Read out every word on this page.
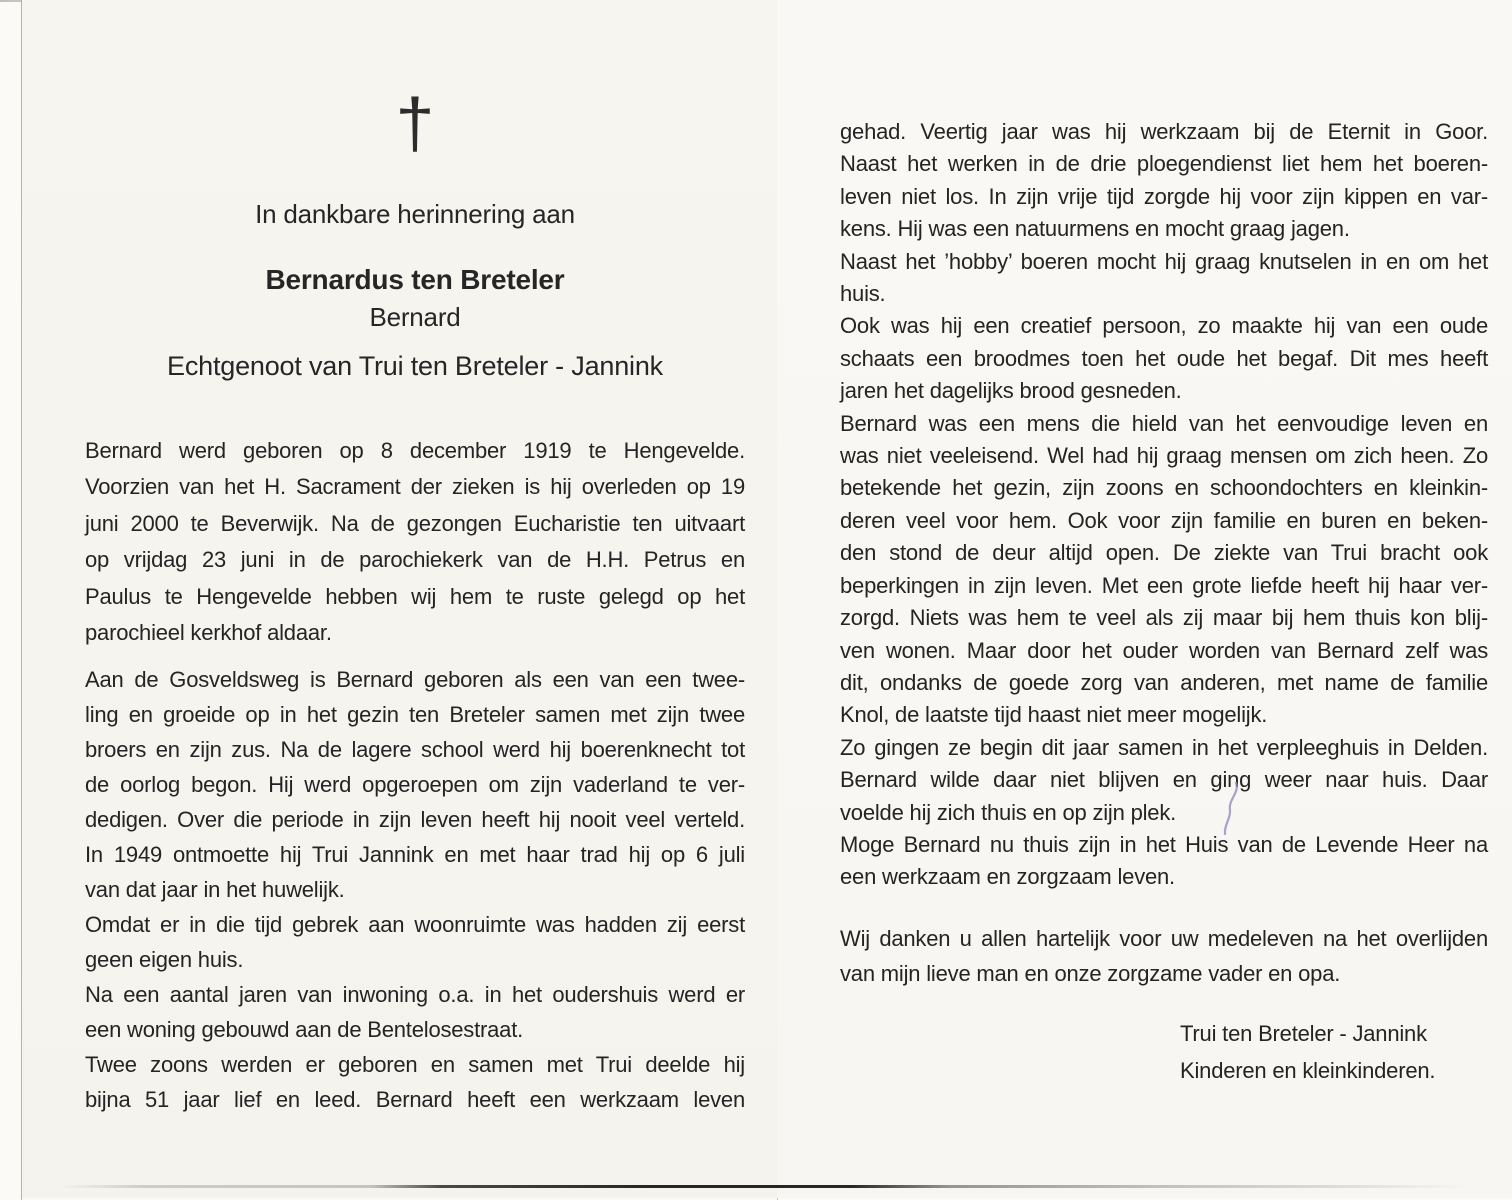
†
In dankbare herinnering aan
Bernardus ten Breteler
Bernard
Echtgenoot van Trui ten Breteler - Jannink
Bernard werd geboren op 8 december 1919 te Hengevelde.
Voorzien van het H. Sacrament der zieken is hij overleden op 19
juni 2000 te Beverwijk. Na de gezongen Eucharistie ten uitvaart
op vrijdag 23 juni in de parochiekerk van de H.H. Petrus en
Paulus te Hengevelde hebben wij hem te ruste gelegd op het
parochieel kerkhof aldaar.
Aan de Gosveldsweg is Bernard geboren als een van een twee-
ling en groeide op in het gezin ten Breteler samen met zijn twee
broers en zijn zus. Na de lagere school werd hij boerenknecht tot
de oorlog begon. Hij werd opgeroepen om zijn vaderland te ver-
dedigen. Over die periode in zijn leven heeft hij nooit veel verteld.
In 1949 ontmoette hij Trui Jannink en met haar trad hij op 6 juli
van dat jaar in het huwelijk.
Omdat er in die tijd gebrek aan woonruimte was hadden zij eerst
geen eigen huis.
Na een aantal jaren van inwoning o.a. in het oudershuis werd er
een woning gebouwd aan de Bentelosestraat.
Twee zoons werden er geboren en samen met Trui deelde hij
bijna 51 jaar lief en leed. Bernard heeft een werkzaam leven
gehad. Veertig jaar was hij werkzaam bij de Eternit in Goor.
Naast het werken in de drie ploegendienst liet hem het boeren-
leven niet los. In zijn vrije tijd zorgde hij voor zijn kippen en var-
kens. Hij was een natuurmens en mocht graag jagen.
Naast het ’hobby’ boeren mocht hij graag knutselen in en om het
huis.
Ook was hij een creatief persoon, zo maakte hij van een oude
schaats een broodmes toen het oude het begaf. Dit mes heeft
jaren het dagelijks brood gesneden.
Bernard was een mens die hield van het eenvoudige leven en
was niet veeleisend. Wel had hij graag mensen om zich heen. Zo
betekende het gezin, zijn zoons en schoondochters en kleinkin-
deren veel voor hem. Ook voor zijn familie en buren en beken-
den stond de deur altijd open. De ziekte van Trui bracht ook
beperkingen in zijn leven. Met een grote liefde heeft hij haar ver-
zorgd. Niets was hem te veel als zij maar bij hem thuis kon blij-
ven wonen. Maar door het ouder worden van Bernard zelf was
dit, ondanks de goede zorg van anderen, met name de familie
Knol, de laatste tijd haast niet meer mogelijk.
Zo gingen ze begin dit jaar samen in het verpleeghuis in Delden.
Bernard wilde daar niet blijven en ging weer naar huis. Daar
voelde hij zich thuis en op zijn plek.
Moge Bernard nu thuis zijn in het Huis van de Levende Heer na
een werkzaam en zorgzaam leven.
Wij danken u allen hartelijk voor uw medeleven na het overlijden
van mijn lieve man en onze zorgzame vader en opa.
Trui ten Breteler - Jannink
Kinderen en kleinkinderen.
